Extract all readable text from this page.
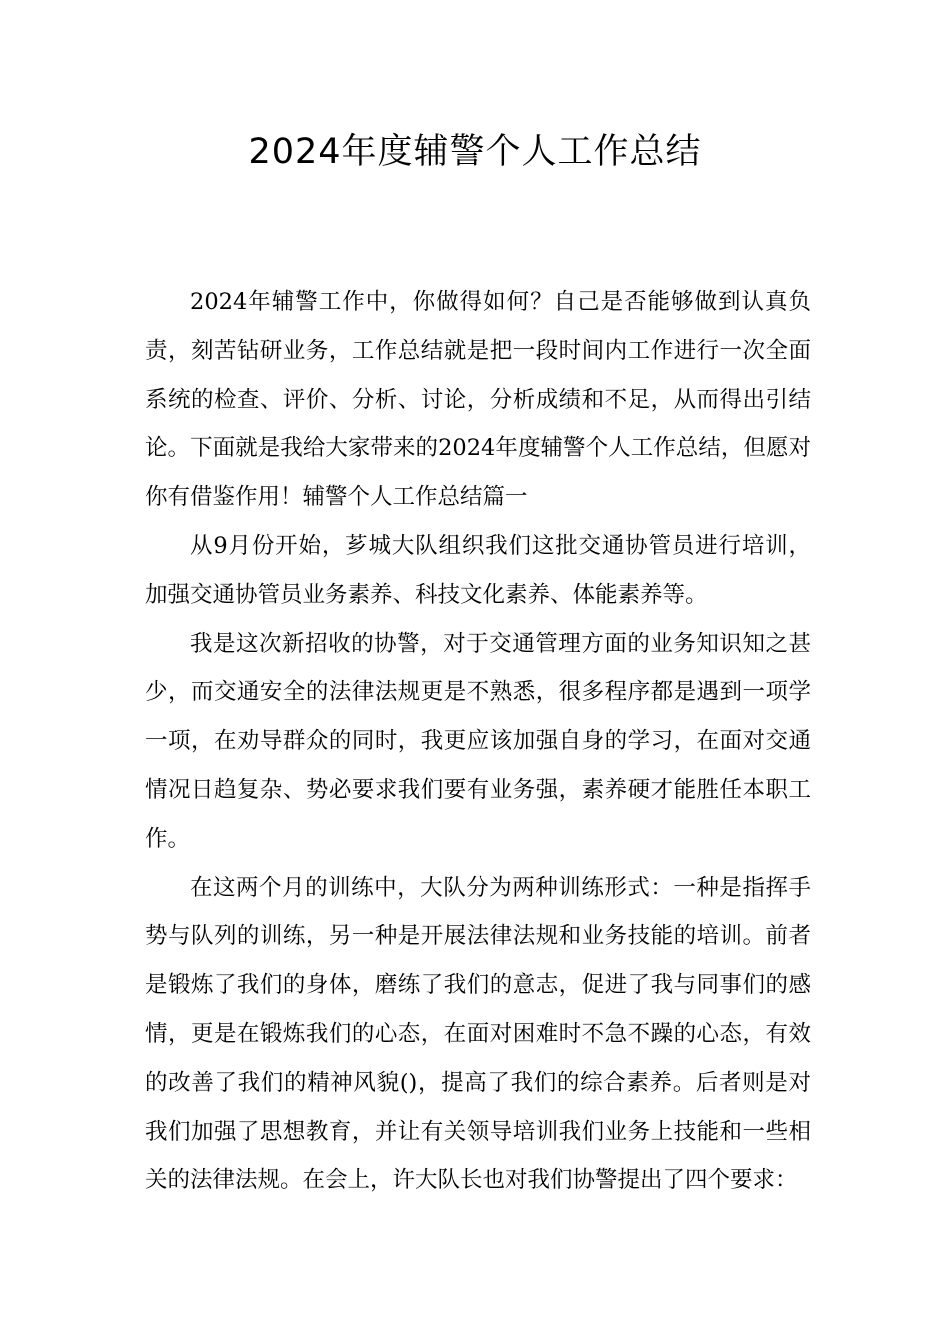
2024年度辅警个人工作总结

2024年辅警工作中，你做得如何？自己是否能够做到认真负责，刻苦钻研业务，工作总结就是把一段时间内工作进行一次全面系统的检查、评价、分析、讨论，分析成绩和不足，从而得出引结论。下面就是我给大家带来的2024年度辅警个人工作总结，但愿对你有借鉴作用！辅警个人工作总结篇一

从9月份开始，芗城大队组织我们这批交通协管员进行培训，加强交通协管员业务素养、科技文化素养、体能素养等。

我是这次新招收的协警，对于交通管理方面的业务知识知之甚少，而交通安全的法律法规更是不熟悉，很多程序都是遇到一项学一项，在劝导群众的同时，我更应该加强自身的学习，在面对交通情况日趋复杂、势必要求我们要有业务强，素养硬才能胜任本职工作。

在这两个月的训练中，大队分为两种训练形式：一种是指挥手势与队列的训练，另一种是开展法律法规和业务技能的培训。前者是锻炼了我们的身体，磨练了我们的意志，促进了我与同事们的感情，更是在锻炼我们的心态，在面对困难时不急不躁的心态，有效的改善了我们的精神风貌()，提高了我们的综合素养。后者则是对我们加强了思想教育，并让有关领导培训我们业务上技能和一些相关的法律法规。在会上，许大队长也对我们协警提出了四个要求：
